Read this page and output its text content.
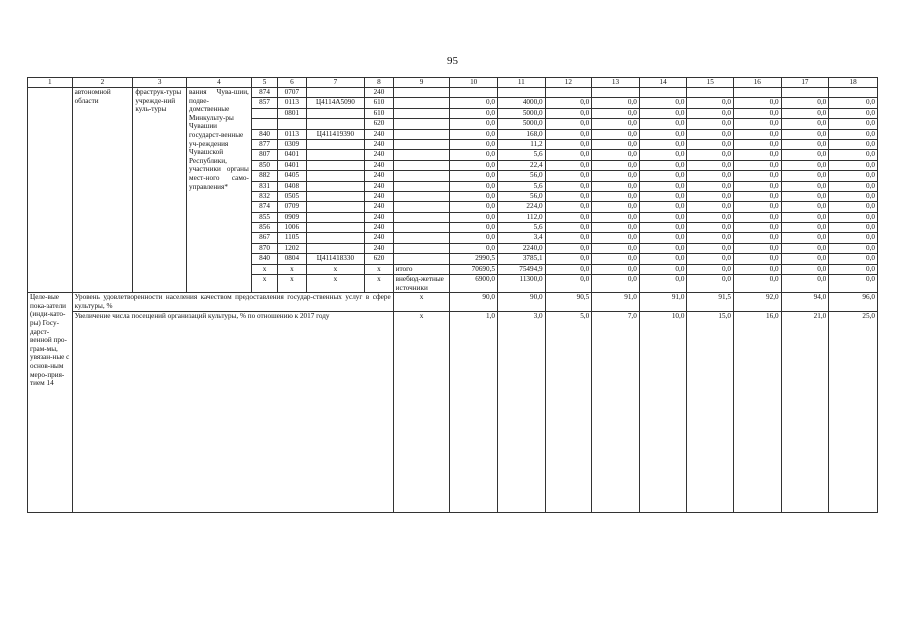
95
1	2	3	4	5	6	7	8	9	10	11	12	13	14	15	16	17	18
	автономной области	фраструк-туры учрежде-ний куль-туры	вания Чува-шии, подве-домственные Минкульту-ры Чувашии государст-венные уч-реждения Чувашской Республики, участники органы мест-ного само-управления*	874	0707		240										
				857	0113	Ц4114А5090	610		0,0	4000,0	0,0	0,0	0,0	0,0	0,0	0,0	0,0
					0801		610		0,0	5000,0	0,0	0,0	0,0	0,0	0,0	0,0	0,0
							620		0,0	5000,0	0,0	0,0	0,0	0,0	0,0	0,0	0,0
				840	0113	Ц411419390	240		0,0	168,0	0,0	0,0	0,0	0,0	0,0	0,0	0,0
				877	0309		240		0,0	11,2	0,0	0,0	0,0	0,0	0,0	0,0	0,0
				807	0401		240		0,0	5,6	0,0	0,0	0,0	0,0	0,0	0,0	0,0
				850	0401		240		0,0	22,4	0,0	0,0	0,0	0,0	0,0	0,0	0,0
				882	0405		240		0,0	56,0	0,0	0,0	0,0	0,0	0,0	0,0	0,0
				831	0408		240		0,0	5,6	0,0	0,0	0,0	0,0	0,0	0,0	0,0
				832	0505		240		0,0	56,0	0,0	0,0	0,0	0,0	0,0	0,0	0,0
				874	0709		240		0,0	224,0	0,0	0,0	0,0	0,0	0,0	0,0	0,0
				855	0909		240		0,0	112,0	0,0	0,0	0,0	0,0	0,0	0,0	0,0
				856	1006		240		0,0	5,6	0,0	0,0	0,0	0,0	0,0	0,0	0,0
				867	1105		240		0,0	3,4	0,0	0,0	0,0	0,0	0,0	0,0	0,0
				870	1202		240		0,0	2240,0	0,0	0,0	0,0	0,0	0,0	0,0	0,0
				840	0804	Ц411418330	620		2990,5	3785,1	0,0	0,0	0,0	0,0	0,0	0,0	0,0
				x	x	x	x	итого	70690,5	75494,9	0,0	0,0	0,0	0,0	0,0	0,0	0,0
				x	x	x	x	внебюд-жетные источники	6900,0	11300,0	0,0	0,0	0,0	0,0	0,0	0,0	0,0
Целе-вые пока-затели (инди-като-ры) Госу-дарст-венной про-грам-мы, увязан-ные с основ-ным меро-прия-тием 14	Уровень удовлетворенности населения качеством предоставления государ-ственных услуг в сфере культуры, %							x	90,0	90,0	90,5	91,0	91,0	91,5	92,0	94,0	96,0
	Увеличение числа посещений организаций культуры, % по отношению к 2017 году							x	1,0	3,0	5,0	7,0	10,0	15,0	16,0	21,0	25,0
